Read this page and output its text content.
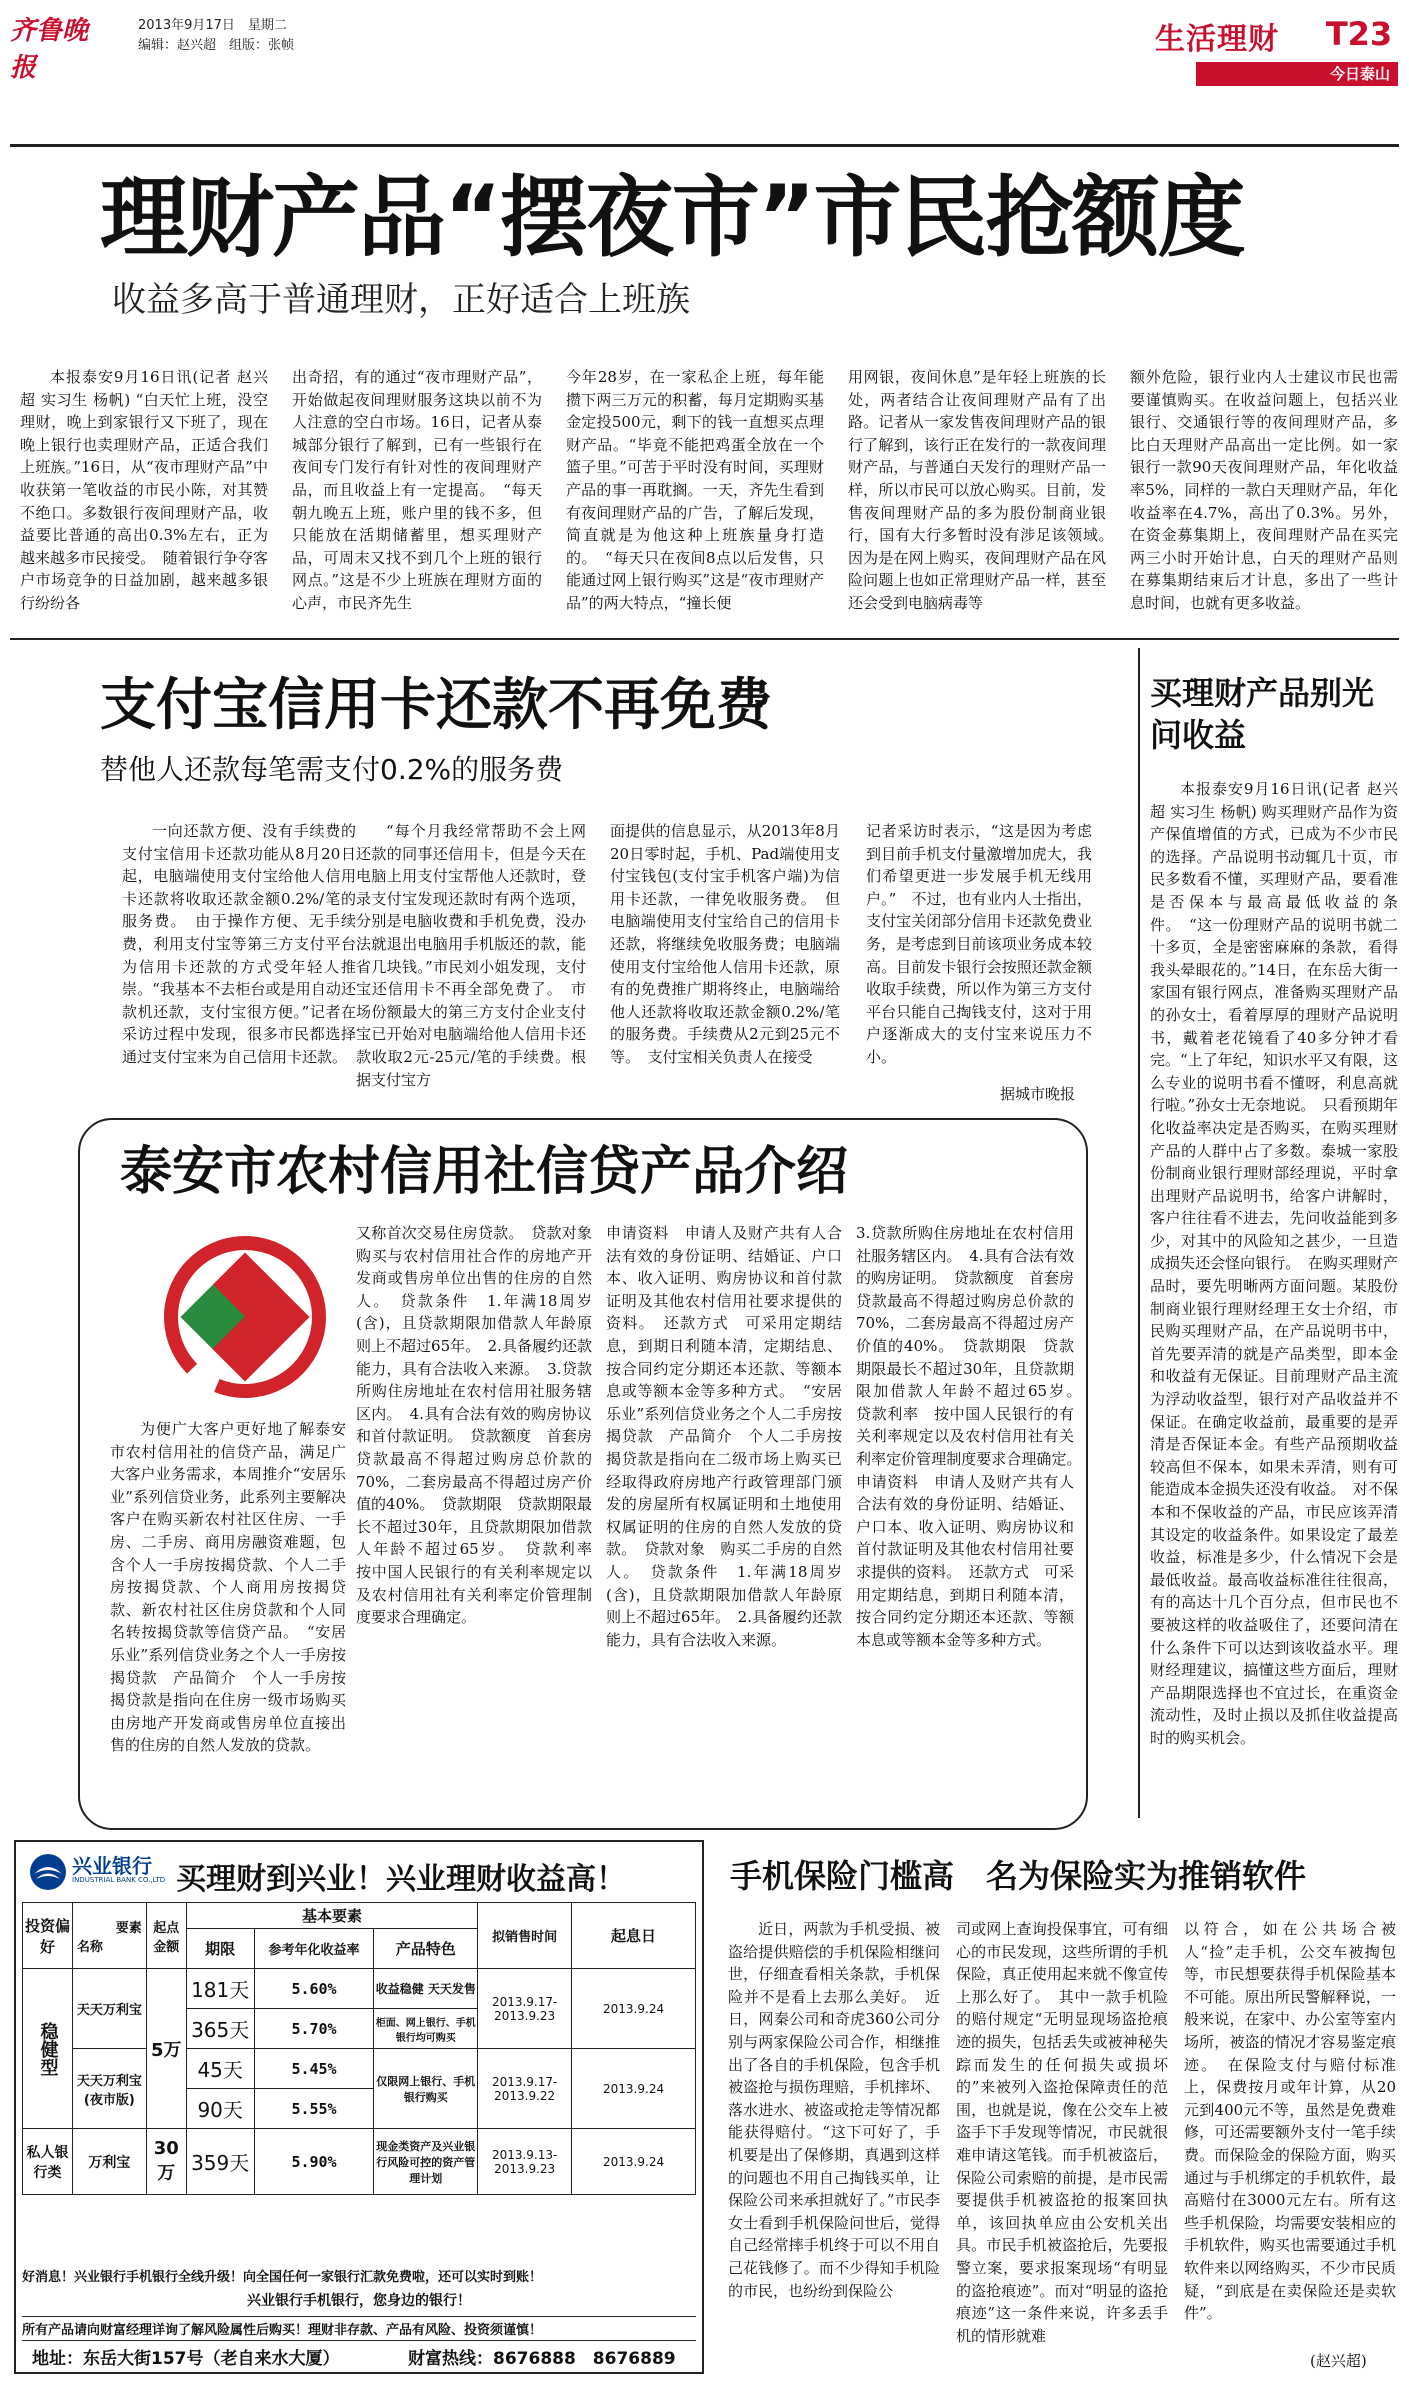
齐鲁晚报
2013年9月17日　星期二
编辑：赵兴超　组版：张帧	生活理财	T23
今日泰山
理财产品“摆夜市”市民抢额度
收益多高于普通理财，正好适合上班族

本报泰安9月16日讯(记者 赵兴超 实习生 杨帆) “白天忙上班，没空理财，晚上到家银行又下班了，现在晚上银行也卖理财产品，正适合我们上班族。”16日，从“夜市理财产品”中收获第一笔收益的市民小陈，对其赞不绝口。多数银行夜间理财产品，收益要比普通的高出0.3%左右，正为越来越多市民接受。　随着银行争夺客户市场竞争的日益加剧，越来越多银行纷纷各

出奇招，有的通过“夜市理财产品”，开始做起夜间理财服务这块以前不为人注意的空白市场。16日，记者从泰城部分银行了解到，已有一些银行在夜间专门发行有针对性的夜间理财产品，而且收益上有一定提高。　“每天朝九晚五上班，账户里的钱不多，但只能放在活期储蓄里，想买理财产品，可周末又找不到几个上班的银行网点。”这是不少上班族在理财方面的心声，市民齐先生

今年28岁，在一家私企上班，每年能攒下两三万元的积蓄，每月定期购买基金定投500元，剩下的钱一直想买点理财产品。“毕竟不能把鸡蛋全放在一个篮子里。”可苦于平时没有时间，买理财产品的事一再耽搁。一天，齐先生看到有夜间理财产品的广告，了解后发现，简直就是为他这种上班族量身打造的。　“每天只在夜间8点以后发售，只能通过网上银行购买”这是“夜市理财产品”的两大特点，“撞长便

用网银，夜间休息”是年轻上班族的长处，两者结合让夜间理财产品有了出路。记者从一家发售夜间理财产品的银行了解到，该行正在发行的一款夜间理财产品，与普通白天发行的理财产品一样，所以市民可以放心购买。目前，发售夜间理财产品的多为股份制商业银行，国有大行多暂时没有涉足该领域。　因为是在网上购买，夜间理财产品在风险问题上也如正常理财产品一样，甚至还会受到电脑病毒等

额外危险，银行业内人士建议市民也需要谨慎购买。在收益问题上，包括兴业银行、交通银行等的夜间理财产品，多比白天理财产品高出一定比例。如一家银行一款90天夜间理财产品，年化收益率5%，同样的一款白天理财产品，年化收益率在4.7%，高出了0.3%。另外，在资金募集期上，夜间理财产品在买完两三小时开始计息，白天的理财产品则在募集期结束后才计息，多出了一些计息时间，也就有更多收益。

支付宝信用卡还款不再免费
替他人还款每笔需支付0.2%的服务费

一向还款方便、没有手续费的支付宝信用卡还款功能从8月20日起，电脑端使用支付宝给他人信用卡还款将收取还款金额0.2%/笔的服务费。　由于操作方便、无手续费，利用支付宝等第三方支付平台为信用卡还款的方式受年轻人推崇。“我基本不去柜台或是用自动还款机还款，支付宝很方便。”记者在采访过程中发现，很多市民都选择通过支付宝来为自己信用卡还款。

“每个月我经常帮助不会上网还款的同事还信用卡，但是今天在电脑上用支付宝帮他人还款时，登录支付宝发现还款时有两个选项，分别是电脑收费和手机免费，没办法就退出电脑用手机版还的款，能省几块钱。”市民刘小姐发现，支付宝还信用卡不再全部免费了。　市场份额最大的第三方支付企业支付宝已开始对电脑端给他人信用卡还款收取2元-25元/笔的手续费。根据支付宝方

面提供的信息显示，从2013年8月20日零时起，手机、Pad端使用支付宝钱包(支付宝手机客户端)为信用卡还款，一律免收服务费。　但电脑端使用支付宝给自己的信用卡还款，将继续免收服务费；电脑端使用支付宝给他人信用卡还款，原有的免费推广期将终止，电脑端给他人还款将收取还款金额0.2%/笔的服务费。手续费从2元到25元不等。　支付宝相关负责人在接受

记者采访时表示，“这是因为考虑到目前手机支付量激增加虎大，我们希望更进一步发展手机无线用户。”　不过，也有业内人士指出，支付宝关闭部分信用卡还款免费业务，是考虑到目前该项业务成本较高。目前发卡银行会按照还款金额收取手续费，所以作为第三方支付平台只能自己掏钱支付，这对于用户逐渐成大的支付宝来说压力不小。

据城市晚报
买理财产品别光问收益

本报泰安9月16日讯(记者 赵兴超 实习生 杨帆) 购买理财产品作为资产保值增值的方式，已成为不少市民的选择。产品说明书动辄几十页，市民多数看不懂，买理财产品，要看准是否保本与最高最低收益的条件。　“这一份理财产品的说明书就二十多页，全是密密麻麻的条款，看得我头晕眼花的。”14日，在东岳大街一家国有银行网点，准备购买理财产品的孙女士，看着厚厚的理财产品说明书，戴着老花镜看了40多分钟才看完。“上了年纪，知识水平又有限，这么专业的说明书看不懂呀，利息高就行啦。”孙女士无奈地说。　只看预期年化收益率决定是否购买，在购买理财产品的人群中占了多数。泰城一家股份制商业银行理财部经理说，平时拿出理财产品说明书，给客户讲解时，客户往往看不进去，先问收益能到多少，对其中的风险知之甚少，一旦造成损失还会怪向银行。　在购买理财产品时，要先明晰两方面问题。某股份制商业银行理财经理王女士介绍，市民购买理财产品，在产品说明书中，首先要弄清的就是产品类型，即本金和收益有无保证。目前理财产品主流为浮动收益型，银行对产品收益并不保证。在确定收益前，最重要的是弄清是否保证本金。有些产品预期收益较高但不保本，如果未弄清，则有可能造成本金损失还没有收益。　对不保本和不保收益的产品，市民应该弄清其设定的收益条件。如果设定了最差收益，标准是多少，什么情况下会是最低收益。最高收益标准往往很高，有的高达十几个百分点，但市民也不要被这样的收益吸住了，还要问清在什么条件下可以达到该收益水平。理财经理建议，搞懂这些方面后，理财产品期限选择也不宜过长，在重资金流动性，及时止损以及抓住收益提高时的购买机会。

泰安市农村信用社信贷产品介绍

为便广大客户更好地了解泰安市农村信用社的信贷产品，满足广大客户业务需求，本周推介“安居乐业”系列信贷业务，此系列主要解决客户在购买新农村社区住房、一手房、二手房、商用房融资难题，包含个人一手房按揭贷款、个人二手房按揭贷款、个人商用房按揭贷款、新农村社区住房贷款和个人同名转按揭贷款等信贷产品。　“安居乐业”系列信贷业务之个人一手房按揭贷款　产品简介　个人一手房按揭贷款是指向在住房一级市场购买由房地产开发商或售房单位直接出售的住房的自然人发放的贷款。

又称首次交易住房贷款。　贷款对象　购买与农村信用社合作的房地产开发商或售房单位出售的住房的自然人。　贷款条件　1.年满18周岁(含)，且贷款期限加借款人年龄原则上不超过65年。　2.具备履约还款能力，具有合法收入来源。　3.贷款所购住房地址在农村信用社服务辖区内。　4.具有合法有效的购房协议和首付款证明。　贷款额度　首套房贷款最高不得超过购房总价款的70%，二套房最高不得超过房产价值的40%。　贷款期限　贷款期限最长不超过30年，且贷款期限加借款人年龄不超过65岁。　贷款利率　按中国人民银行的有关利率规定以及农村信用社有关利率定价管理制度要求合理确定。

申请资料　申请人及财产共有人合法有效的身份证明、结婚证、户口本、收入证明、购房协议和首付款证明及其他农村信用社要求提供的资料。　还款方式　可采用定期结息，到期日利随本清，定期结息、按合同约定分期还本还款、等额本息或等额本金等多种方式。　“安居乐业”系列信贷业务之个人二手房按揭贷款　产品简介　个人二手房按揭贷款是指向在二级市场上购买已经取得政府房地产行政管理部门颁发的房屋所有权属证明和土地使用权属证明的住房的自然人发放的贷款。　贷款对象　购买二手房的自然人。　贷款条件　1.年满18周岁(含)，且贷款期限加借款人年龄原则上不超过65年。　2.具备履约还款能力，具有合法收入来源。

3.贷款所购住房地址在农村信用社服务辖区内。　4.具有合法有效的购房证明。　贷款额度　首套房贷款最高不得超过购房总价款的70%，二套房最高不得超过房产价值的40%。　贷款期限　贷款期限最长不超过30年，且贷款期限加借款人年龄不超过65岁。　贷款利率　按中国人民银行的有关利率规定以及农村信用社有关利率定价管理制度要求合理确定。　申请资料　申请人及财产共有人合法有效的身份证明、结婚证、户口本、收入证明、购房协议和首付款证明及其他农村信用社要求提供的资料。　还款方式　可采用定期结息，到期日利随本清，按合同约定分期还本还款、等额本息或等额本金等多种方式。

兴业银行
INDUSTRIAL BANK CO.,LTD 买理财到兴业！兴业理财收益高！
投资偏好	要素
名称	起点金额	基本要素			拟销售时间	起息日
			期限	参考年化收益率	产品特色		
稳健型	天天万利宝	5万	181天	5.60%	收益稳健 天天发售	2013.9.17-2013.9.23	2013.9.24
			365天	5.70%	柜面、网上银行、手机银行均可购买		
	天天万利宝(夜市版)		45天	5.45%	仅限网上银行、手机银行购买	2013.9.17-2013.9.22	2013.9.24
			90天	5.55%			
私人银行类	万利宝	30万	359天	5.90%	现金类资产及兴业银行风险可控的资产管理计划	2013.9.13-2013.9.23	2013.9.24
好消息！兴业银行手机银行全线升级！向全国任何一家银行汇款免费啦，还可以实时到账！
兴业银行手机银行，您身边的银行！
所有产品请向财富经理详询了解风险属性后购买！理财非存款、产品有风险、投资须谨慎！
地址：东岳大街157号（老自来水大厦）	财富热线：8676888　8676889
手机保险门槛高　名为保险实为推销软件

近日，两款为手机受损、被盗给提供赔偿的手机保险相继问世，仔细查看相关条款，手机保险并不是看上去那么美好。　近日，网秦公司和奇虎360公司分别与两家保险公司合作，相继推出了各自的手机保险，包含手机被盗抢与损伤理赔，手机摔坏、落水进水、被盗或抢走等情况都能获得赔付。“这下可好了，手机要是出了保修期，真遇到这样的问题也不用自己掏钱买单，让保险公司来承担就好了。”市民李女士看到手机保险问世后，觉得自己经常摔手机终于可以不用自己花钱修了。而不少得知手机险的市民，也纷纷到保险公

司或网上查询投保事宜，可有细心的市民发现，这些所谓的手机保险，真正使用起来就不像宣传上那么好了。　其中一款手机险的赔付规定“无明显现场盗抢痕迹的损失，包括丢失或被神秘失踪而发生的任何损失或损坏的”来被列入盗抢保障责任的范围，也就是说，像在公交车上被盗手下手发现等情况，市民就很难申请这笔钱。而手机被盗后，保险公司索赔的前提，是市民需要提供手机被盗抢的报案回执单，该回执单应由公安机关出具。市民手机被盗抢后，先要报警立案，要求报案现场“有明显的盗抢痕迹”。而对“明显的盗抢痕迹”这一条件来说，许多丢手机的情形就难

以符合，如在公共场合被人“捡”走手机，公交车被掏包等，市民想要获得手机保险基本不可能。原出所民警解释说，一般来说，在家中、办公室等室内场所，被盗的情况才容易鉴定痕迹。　在保险支付与赔付标准上，保费按月或年计算，从20元到400元不等，虽然是免费难修，可还需要额外支付一笔手续费。而保险金的保险方面，购买通过与手机绑定的手机软件，最高赔付在3000元左右。所有这些手机保险，均需要安装相应的手机软件，购买也需要通过手机软件来以网络购买，不少市民质疑，“到底是在卖保险还是卖软件”。

(赵兴超)
